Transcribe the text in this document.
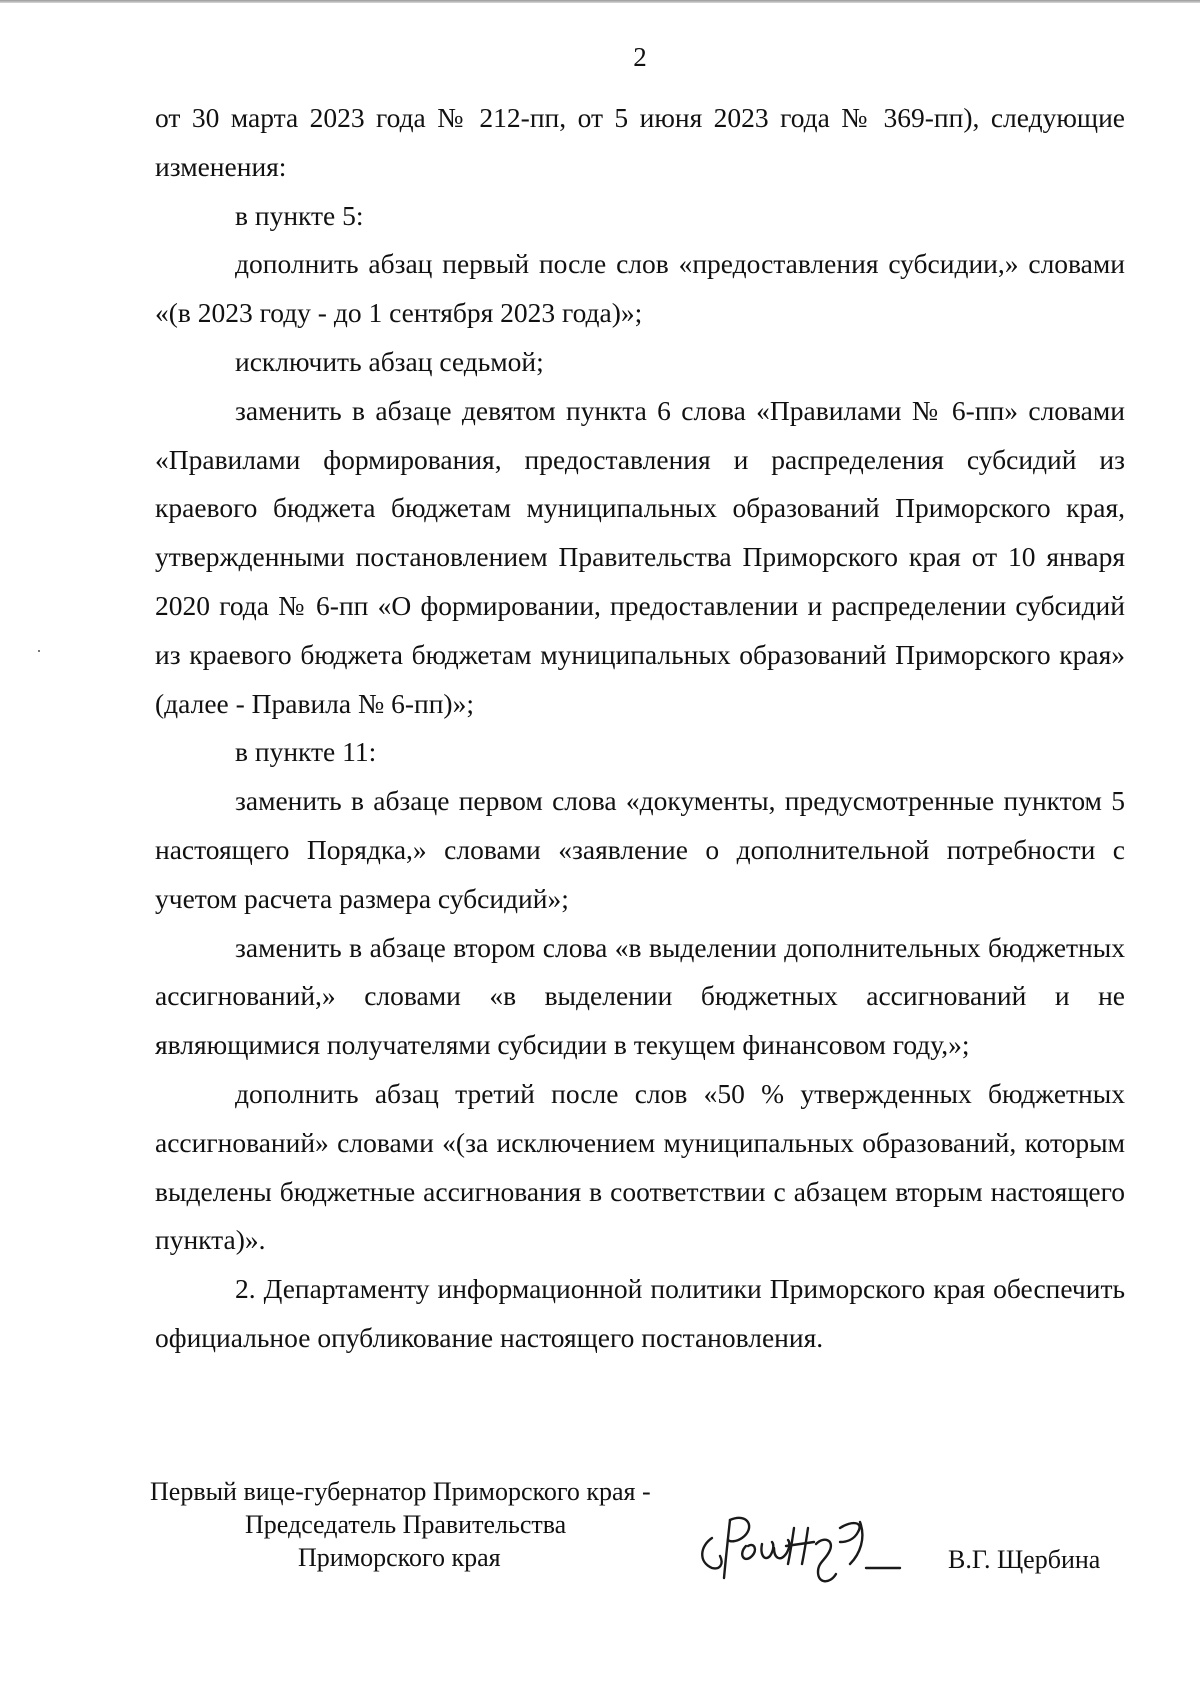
2

от 30 марта 2023 года № 212-пп, от 5 июня 2023 года № 369-пп), следующие изменения:

в пункте 5:

дополнить абзац первый после слов «предоставления субсидии,» словами «(в 2023 году - до 1 сентября 2023 года)»;

исключить абзац седьмой;

заменить в абзаце девятом пункта 6 слова «Правилами № 6-пп» словами «Правилами формирования, предоставления и распределения субсидий из краевого бюджета бюджетам муниципальных образований Приморского края, утвержденными постановлением Правительства Приморского края от 10 января 2020 года № 6-пп «О формировании, предоставлении и распределении субсидий из краевого бюджета бюджетам муниципальных образований Приморского края» (далее - Правила № 6-пп)»;

в пункте 11:

заменить в абзаце первом слова «документы, предусмотренные пунктом 5 настоящего Порядка,» словами «заявление о дополнительной потребности с учетом расчета размера субсидий»;

заменить в абзаце втором слова «в выделении дополнительных бюджетных ассигнований,» словами «в выделении бюджетных ассигнований и не являющимися получателями субсидии в текущем финансовом году,»;

дополнить абзац третий после слов «50 % утвержденных бюджетных ассигнований» словами «(за исключением муниципальных образований, которым выделены бюджетные ассигнования в соответствии с абзацем вторым настоящего пункта)».

2. Департаменту информационной политики Приморского края обеспечить официальное опубликование настоящего постановления.

Первый вице-губернатор Приморского края -
Председатель Правительства
Приморского края	В.Г. Щербина
